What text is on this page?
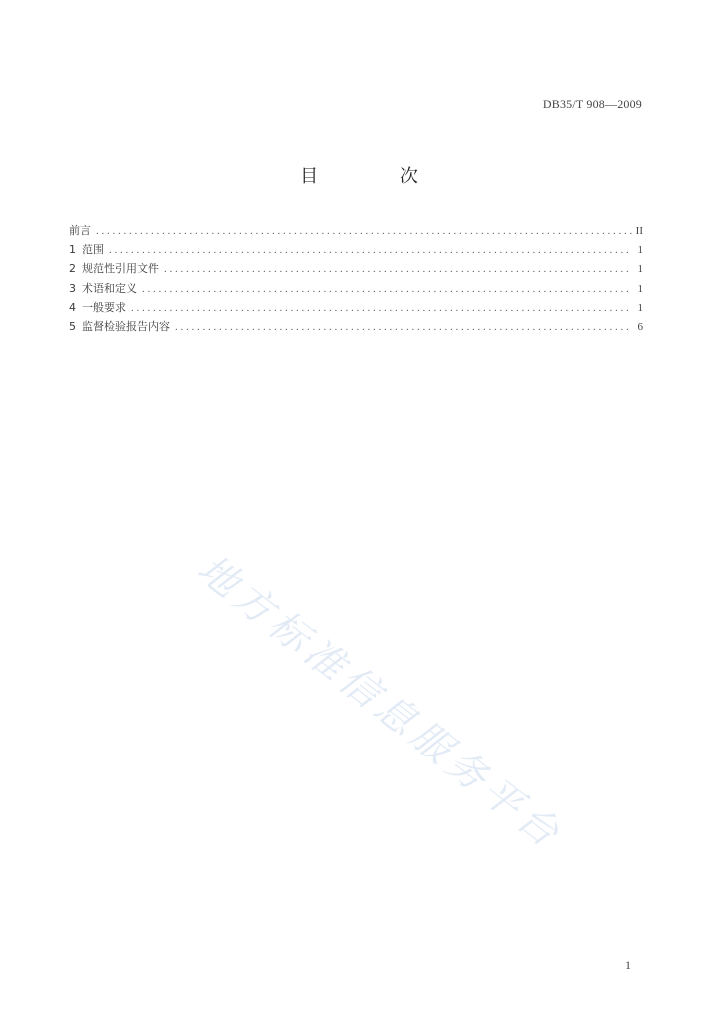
DB35/T 908—2009
目 次
前言 . . .	II
1 范围 . . .	1
2 规范性引用文件 . . .	1
3 术语和定义 . . .	1
4 一般要求 . . .	1
5 监督检验报告内容 . . .	6
地方标准信息服务平台
1
